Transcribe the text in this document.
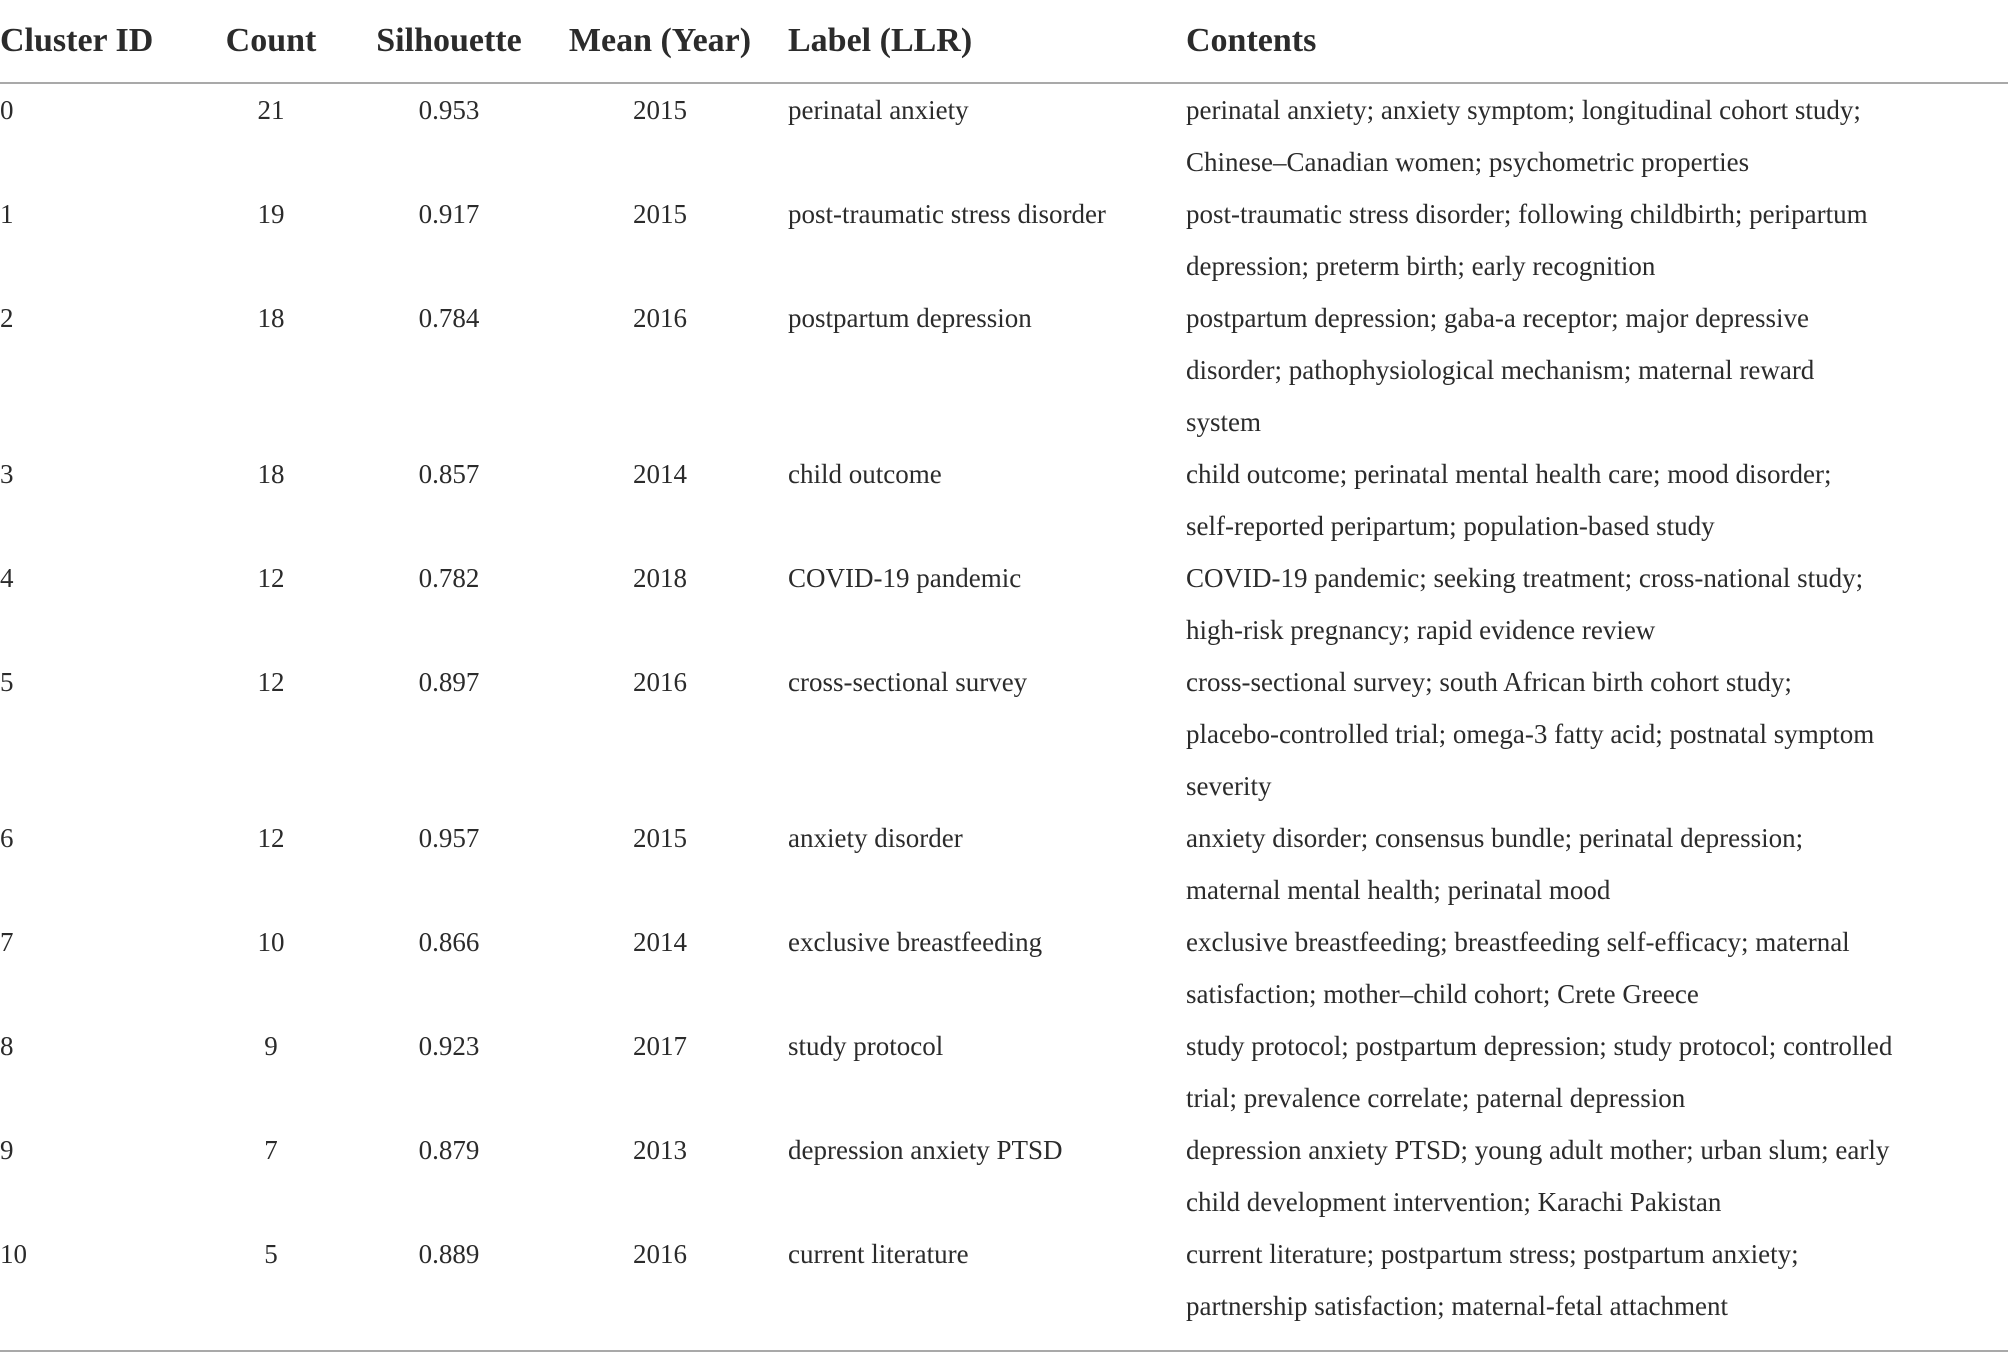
Cluster ID	Count	Silhouette	Mean (Year)	Label (LLR)	Contents
0	21	0.953	2015	perinatal anxiety	perinatal anxiety; anxiety symptom; longitudinal cohort study;
Chinese–Canadian women; psychometric properties

1	19	0.917	2015	post-traumatic stress disorder	post-traumatic stress disorder; following childbirth; peripartum
depression; preterm birth; early recognition

2	18	0.784	2016	postpartum depression	postpartum depression; gaba-a receptor; major depressive
disorder; pathophysiological mechanism; maternal reward
system

3	18	0.857	2014	child outcome	child outcome; perinatal mental health care; mood disorder;
self-reported peripartum; population-based study

4	12	0.782	2018	COVID-19 pandemic	COVID-19 pandemic; seeking treatment; cross-national study;
high-risk pregnancy; rapid evidence review

5	12	0.897	2016	cross-sectional survey	cross-sectional survey; south African birth cohort study;
placebo-controlled trial; omega-3 fatty acid; postnatal symptom
severity

6	12	0.957	2015	anxiety disorder	anxiety disorder; consensus bundle; perinatal depression;
maternal mental health; perinatal mood

7	10	0.866	2014	exclusive breastfeeding	exclusive breastfeeding; breastfeeding self-efficacy; maternal
satisfaction; mother–child cohort; Crete Greece

8	9	0.923	2017	study protocol	study protocol; postpartum depression; study protocol; controlled
trial; prevalence correlate; paternal depression

9	7	0.879	2013	depression anxiety PTSD	depression anxiety PTSD; young adult mother; urban slum; early
child development intervention; Karachi Pakistan

10	5	0.889	2016	current literature	current literature; postpartum stress; postpartum anxiety;
partnership satisfaction; maternal-fetal attachment
